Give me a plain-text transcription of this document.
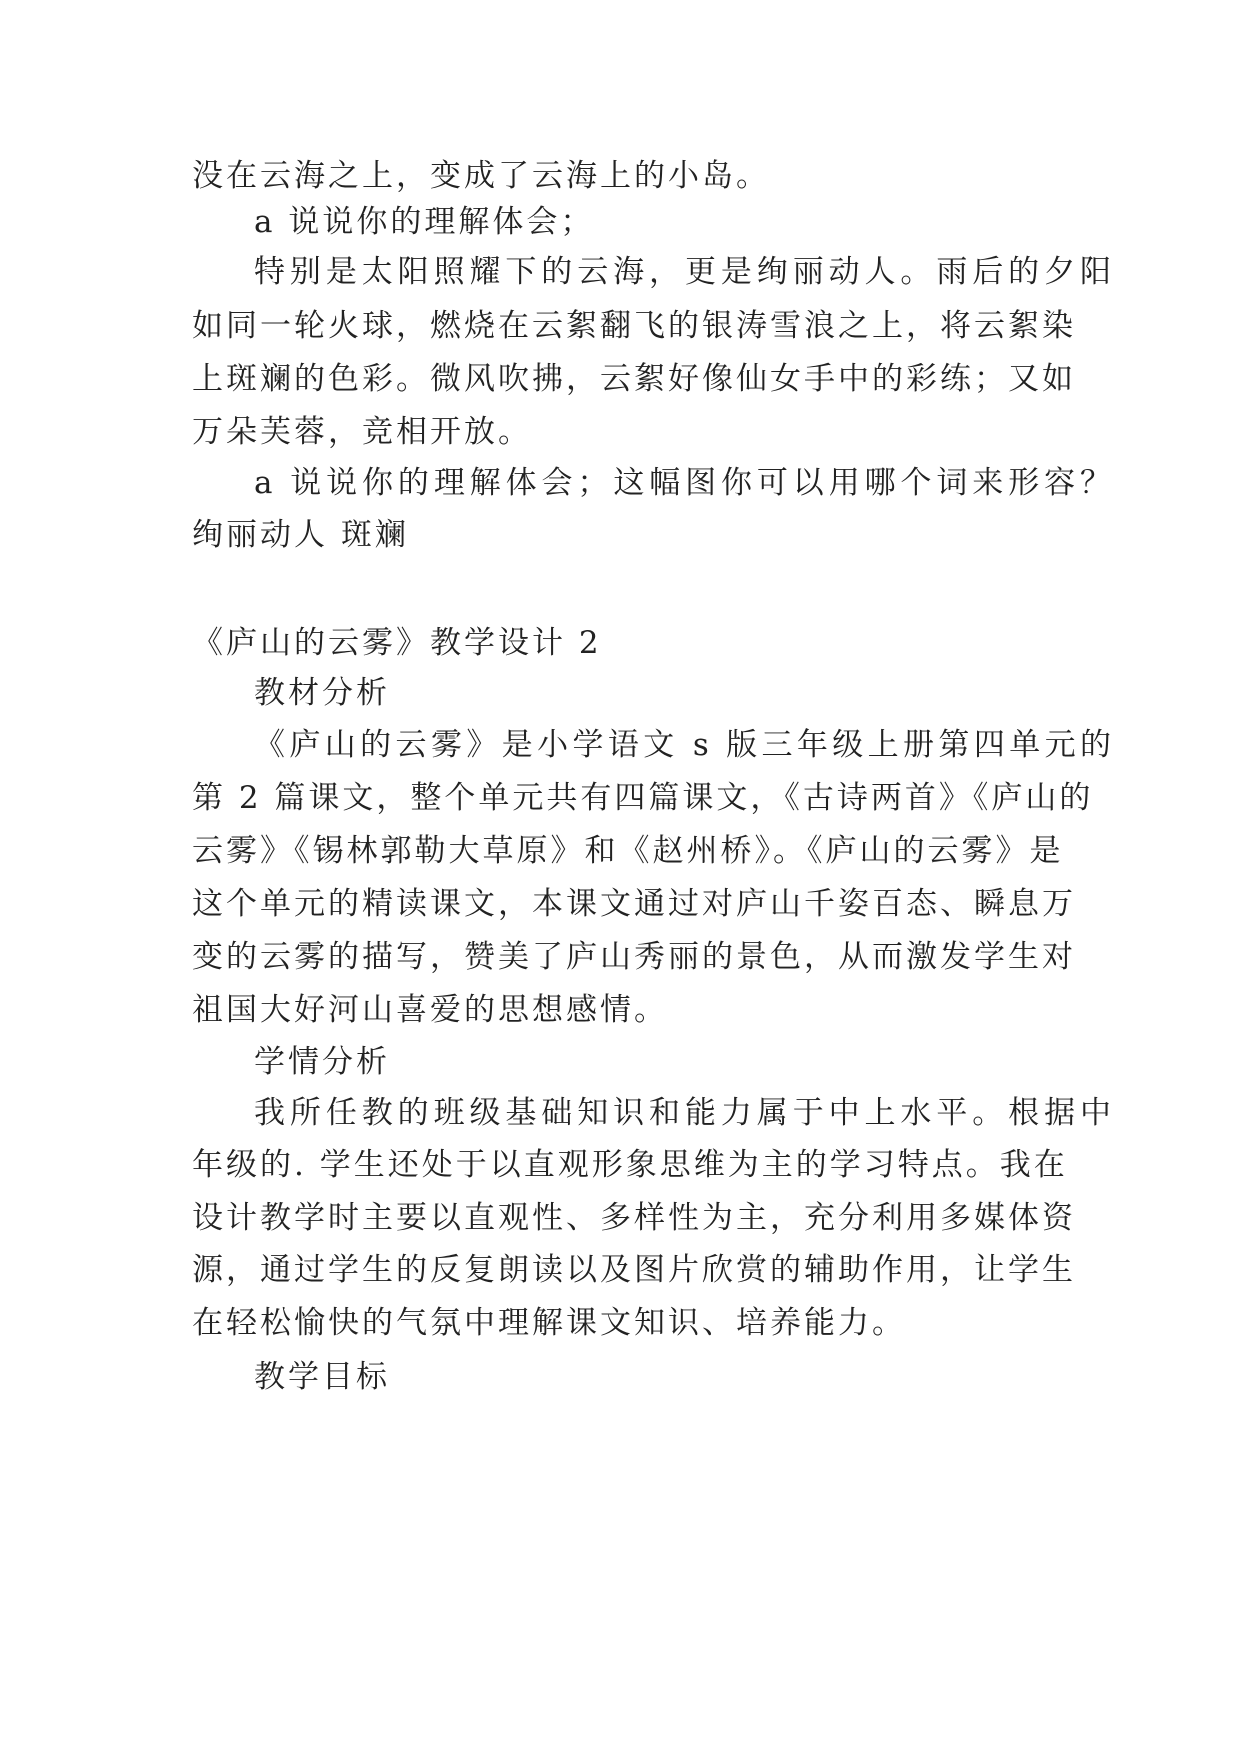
没在云海之上，变成了云海上的小岛。
a 说说你的理解体会；
特别是太阳照耀下的云海，更是绚丽动人。雨后的夕阳
如同一轮火球，燃烧在云絮翻飞的银涛雪浪之上，将云絮染
上斑斓的色彩。微风吹拂，云絮好像仙女手中的彩练；又如
万朵芙蓉，竞相开放。
a 说说你的理解体会；这幅图你可以用哪个词来形容？
绚丽动人 斑斓
《庐山的云雾》教学设计 2
教材分析
《庐山的云雾》是小学语文 s 版三年级上册第四单元的
第 2 篇课文，整个单元共有四篇课文，《古诗两首》《庐山的
云雾》《锡林郭勒大草原》和《赵州桥》。《庐山的云雾》是
这个单元的精读课文，本课文通过对庐山千姿百态、瞬息万
变的云雾的描写，赞美了庐山秀丽的景色，从而激发学生对
祖国大好河山喜爱的思想感情。
学情分析
我所任教的班级基础知识和能力属于中上水平。根据中
年级的. 学生还处于以直观形象思维为主的学习特点。我在
设计教学时主要以直观性、多样性为主，充分利用多媒体资
源，通过学生的反复朗读以及图片欣赏的辅助作用，让学生
在轻松愉快的气氛中理解课文知识、培养能力。
教学目标
